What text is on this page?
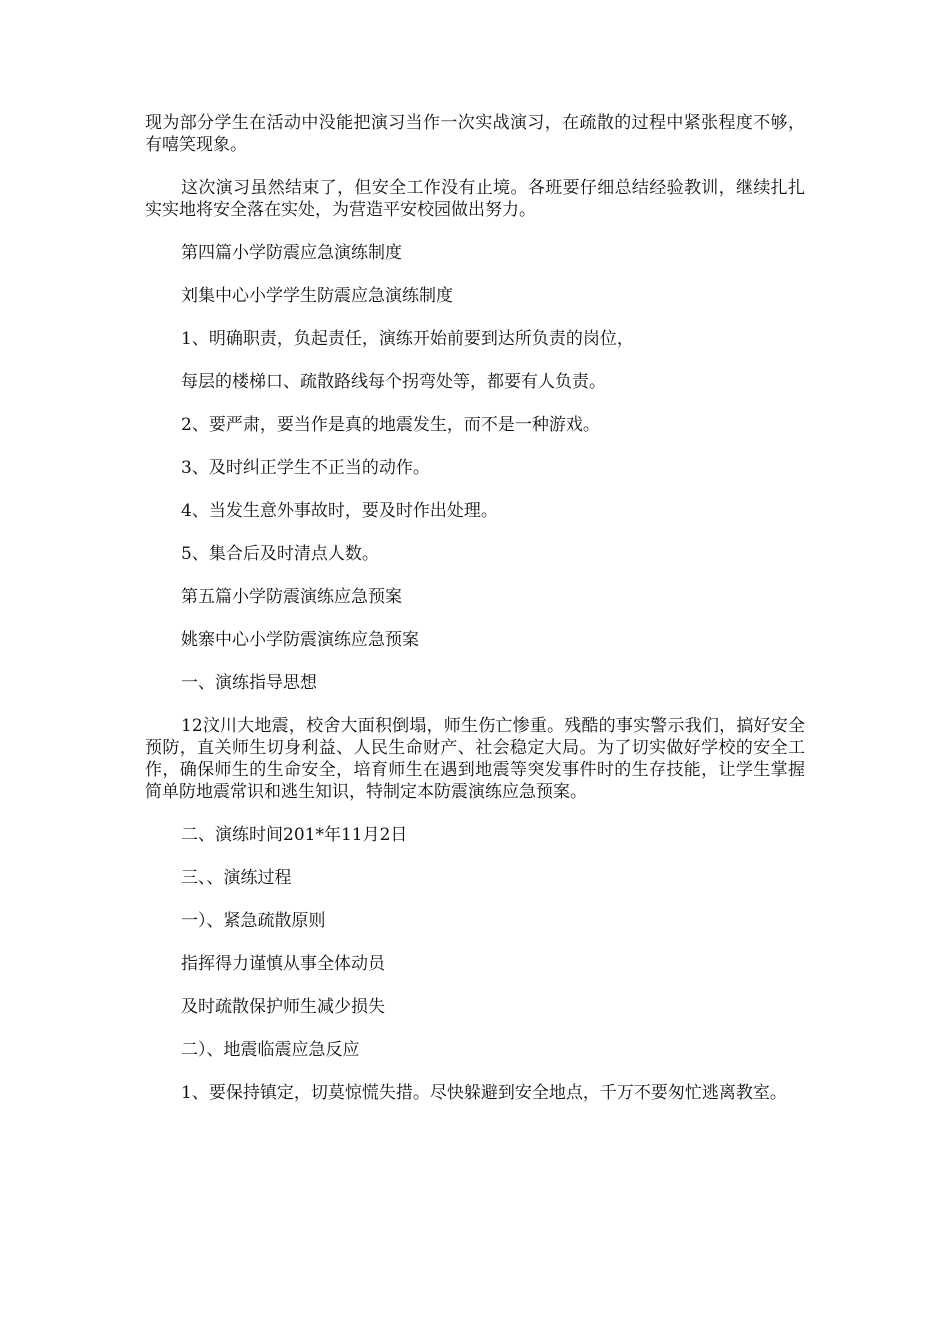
现为部分学生在活动中没能把演习当作一次实战演习，在疏散的过程中紧张程度不够，有嘻笑现象。

这次演习虽然结束了，但安全工作没有止境。各班要仔细总结经验教训，继续扎扎实实地将安全落在实处，为营造平安校园做出努力。

第四篇小学防震应急演练制度

刘集中心小学学生防震应急演练制度

1、明确职责，负起责任，演练开始前要到达所负责的岗位，

每层的楼梯口、疏散路线每个拐弯处等，都要有人负责。

2、要严肃，要当作是真的地震发生，而不是一种游戏。

3、及时纠正学生不正当的动作。

4、当发生意外事故时，要及时作出处理。

5、集合后及时清点人数。

第五篇小学防震演练应急预案

姚寨中心小学防震演练应急预案

一、演练指导思想

12汶川大地震，校舍大面积倒塌，师生伤亡惨重。残酷的事实警示我们，搞好安全预防，直关师生切身利益、人民生命财产、社会稳定大局。为了切实做好学校的安全工作，确保师生的生命安全，培育师生在遇到地震等突发事件时的生存技能，让学生掌握简单防地震常识和逃生知识，特制定本防震演练应急预案。

二、演练时间201*年11月2日

三、、演练过程

一）、紧急疏散原则

指挥得力谨慎从事全体动员

及时疏散保护师生减少损失

二）、地震临震应急反应

1、要保持镇定，切莫惊慌失措。尽快躲避到安全地点，千万不要匆忙逃离教室。
